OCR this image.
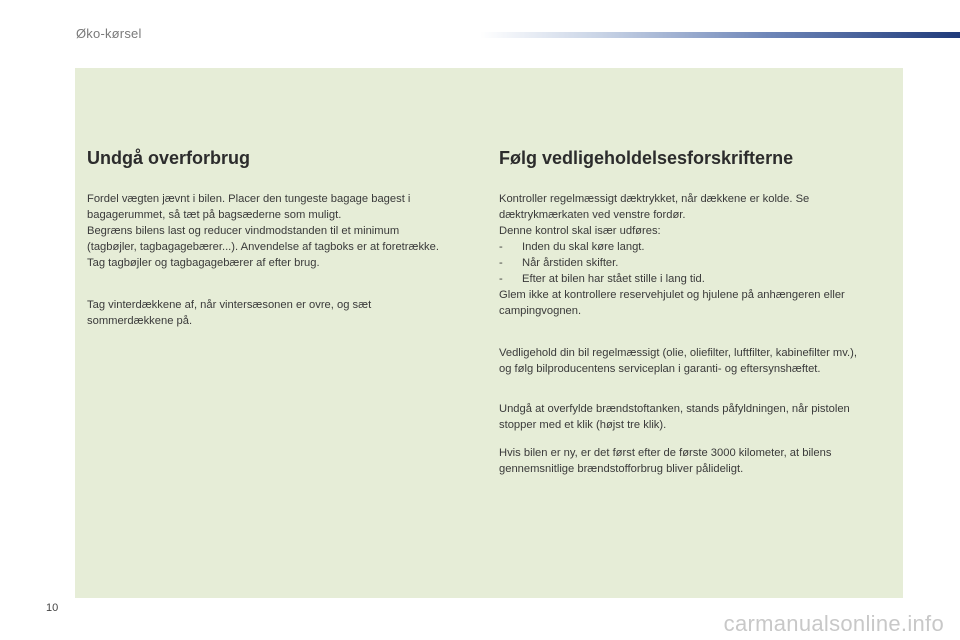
Øko-kørsel
Undgå overforbrug

Fordel vægten jævnt i bilen. Placer den tungeste bagage bagest i
bagagerummet, så tæt på bagsæderne som muligt.
Begræns bilens last og reducer vindmodstanden til et minimum
(tagbøjler, tagbagagebærer...). Anvendelse af tagboks er at foretrække.
Tag tagbøjler og tagbagagebærer af efter brug.

Tag vinterdækkene af, når vintersæsonen er ovre, og sæt
sommerdækkene på.

Følg vedligeholdelsesforskrifterne

Kontroller regelmæssigt dæktrykket, når dækkene er kolde. Se
dæktrykmærkaten ved venstre fordør.
Denne kontrol skal især udføres:

-	Inden du skal køre langt.

-	Når årstiden skifter.

-	Efter at bilen har stået stille i lang tid.

Glem ikke at kontrollere reservehjulet og hjulene på anhængeren eller
campingvognen.

Vedligehold din bil regelmæssigt (olie, oliefilter, luftfilter, kabinefilter mv.),
og følg bilproducentens serviceplan i garanti- og eftersynshæftet.

Undgå at overfylde brændstoftanken, stands påfyldningen, når pistolen
stopper med et klik (højst tre klik).

Hvis bilen er ny, er det først efter de første 3000 kilometer, at bilens
gennemsnitlige brændstofforbrug bliver pålideligt.

10
carmanualsonline.info
